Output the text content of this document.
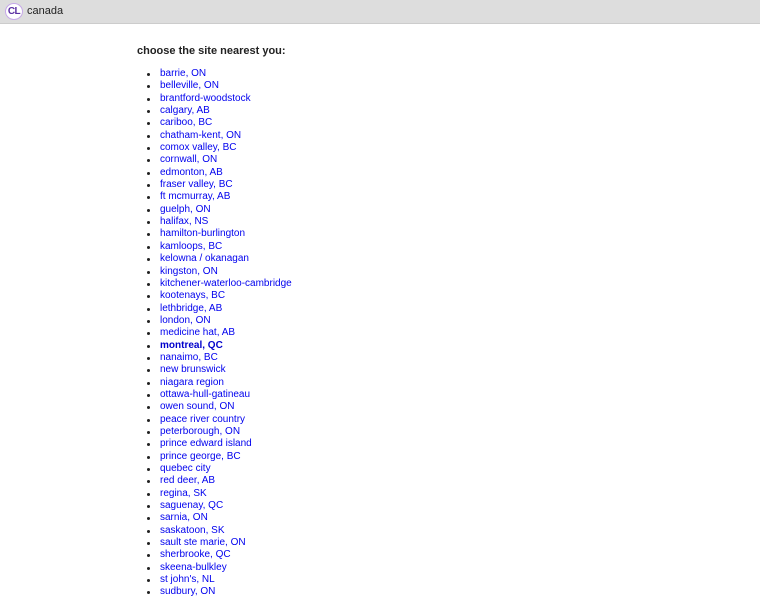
CL canada

choose the site nearest you:

barrie, ON
belleville, ON
brantford-woodstock
calgary, AB
cariboo, BC
chatham-kent, ON
comox valley, BC
cornwall, ON
edmonton, AB
fraser valley, BC
ft mcmurray, AB
guelph, ON
halifax, NS
hamilton-burlington
kamloops, BC
kelowna / okanagan
kingston, ON
kitchener-waterloo-cambridge
kootenays, BC
lethbridge, AB
london, ON
medicine hat, AB
montreal, QC
nanaimo, BC
new brunswick
niagara region
ottawa-hull-gatineau
owen sound, ON
peace river country
peterborough, ON
prince edward island
prince george, BC
quebec city
red deer, AB
regina, SK
saguenay, QC
sarnia, ON
saskatoon, SK
sault ste marie, ON
sherbrooke, QC
skeena-bulkley
st john's, NL
sudbury, ON
